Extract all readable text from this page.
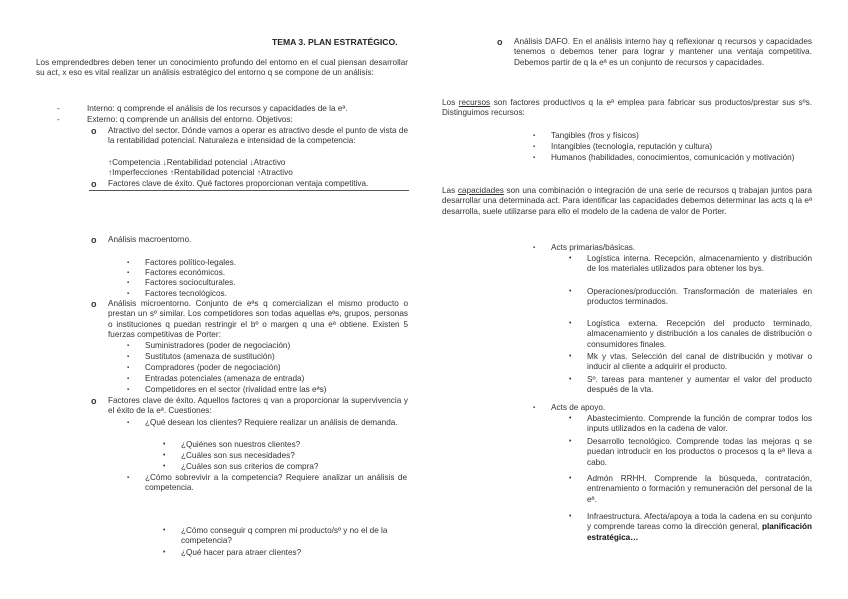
TEMA 3. PLAN ESTRATÉGICO.
Los emprendedbres deben tener un conocimiento profundo del entorno en el cual piensan desarrollar su act, x eso es vital realizar un análisis estratégico del entorno q se compone de un análisis:
-	Interno: q comprende el análisis de los recursos y capacidades de la eª.
-	Externo: q comprende un análisis del entorno. Objetivos:
o	Atractivo del sector. Dónde vamos a operar es atractivo desde el punto de vista de la rentabilidad potencial. Naturaleza e intensidad de la competencia:
↑Competencia ↓Rentabilidad potencial ↓Atractivo
↑Imperfecciones ↑Rentabilidad potencial ↑Atractivo
o	Factores clave de éxito. Qué factores proporcionan ventaja competitiva.
o	Análisis macroentorno.
▪	Factores político-legales.
▪	Factores económicos.
▪	Factores socioculturales.
▪	Factores tecnológicos.
o	Análisis microentorno. Conjunto de eªs q comercializan el mismo producto o prestan un sº similar. Los competidores son todas aquellas eªs, grupos, personas o instituciones q puedan restringir el bº o margen q una eª obtiene. Existen 5 fuerzas competitivas de Porter:
▪	Suministradores (poder de negociación)
▪	Sustitutos (amenaza de sustitución)
▪	Compradores (poder de negociación)
▪	Entradas potenciales (amenaza de entrada)
▪	Competidores en el sector (rivalidad entre las eªs)
o	Factores clave de éxito. Aquellos factores q van a proporcionar la supervivencia y el éxito de la eª. Cuestiones:
▪	¿Qué desean los clientes? Requiere realizar un análisis de demanda.
•	¿Quiénes son nuestros clientes?
•	¿Cuáles son sus necesidades?
•	¿Cuáles son sus criterios de compra?
▪	¿Cómo sobrevivir a la competencia? Requiere analizar un análisis de competencia.
•	¿Cómo conseguir q compren mi producto/sº y no el de la competencia?
•	¿Qué hacer para atraer clientes?
o	Análisis DAFO. En el análisis interno hay q reflexionar q recursos y capacidades tenemos o debemos tener para lograr y mantener una ventaja competitiva. Debemos partir de q la eª es un conjunto de recursos y capacidades.
Los recursos son factores productivos q la eª emplea para fabricar sus productos/prestar sus sºs. Distinguimos recursos:
▪	Tangibles (fros y físicos)
▪	Intangibles (tecnología, reputación y cultura)
▪	Humanos (habilidades, conocimientos, comunicación y motivación)
Las capacidades son una combinación o integración de una serie de recursos q trabajan juntos para desarrollar una determinada act. Para identificar las capacidades debemos determinar las acts q la eª desarrolla, suele utilizarse para ello el modelo de la cadena de valor de Porter.
▪	Acts primarias/básicas.
•	Logística interna. Recepción, almacenamiento y distribución de los materiales utilizados para obtener los bys.
•	Operaciones/producción. Transformación de materiales en productos terminados.
•	Logística externa. Recepción del producto terminado, almacenamiento y distribución a los canales de distribución o consumidores finales.
•	Mk y vtas. Selección del canal de distribución y motivar o inducir al cliente a adquirir el producto.
•	Sº. tareas para mantener y aumentar el valor del producto después de la vta.
▪	Acts de apoyo.
•	Abastecimiento. Comprende la función de comprar todos los inputs utilizados en la cadena de valor.
•	Desarrollo tecnológico. Comprende todas las mejoras q se puedan introducir en los productos o procesos q la eª lleva a cabo.
•	Admón RRHH. Comprende la búsqueda, contratación, entrenamiento o formación y remuneración del personal de la eª.
•	Infraestructura. Afecta/apoya a toda la cadena en su conjunto y comprende tareas como la dirección general, planificación estratégica…
